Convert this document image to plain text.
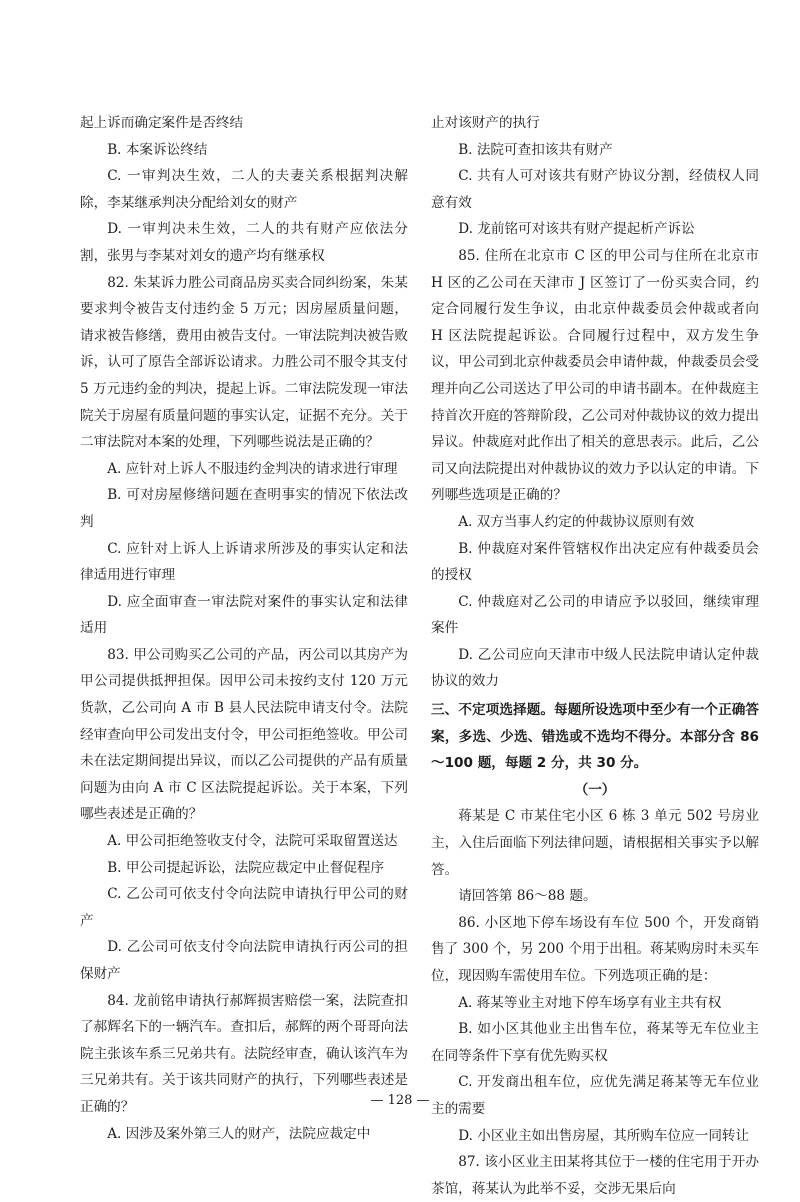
起上诉而确定案件是否终结

B. 本案诉讼终结

C. 一审判决生效，二人的夫妻关系根据判决解除，李某继承判决分配给刘女的财产

D. 一审判决未生效，二人的共有财产应依法分割，张男与李某对刘女的遗产均有继承权

82. 朱某诉力胜公司商品房买卖合同纠纷案，朱某要求判令被告支付违约金 5 万元；因房屋质量问题，请求被告修缮，费用由被告支付。一审法院判决被告败诉，认可了原告全部诉讼请求。力胜公司不服令其支付 5 万元违约金的判决，提起上诉。二审法院发现一审法院关于房屋有质量问题的事实认定，证据不充分。关于二审法院对本案的处理，下列哪些说法是正确的？

A. 应针对上诉人不服违约金判决的请求进行审理

B. 可对房屋修缮问题在查明事实的情况下依法改判

C. 应针对上诉人上诉请求所涉及的事实认定和法律适用进行审理

D. 应全面审查一审法院对案件的事实认定和法律适用

83. 甲公司购买乙公司的产品，丙公司以其房产为甲公司提供抵押担保。因甲公司未按约支付 120 万元货款，乙公司向 A 市 B 县人民法院申请支付令。法院经审查向甲公司发出支付令，甲公司拒绝签收。甲公司未在法定期间提出异议，而以乙公司提供的产品有质量问题为由向 A 市 C 区法院提起诉讼。关于本案，下列哪些表述是正确的？

A. 甲公司拒绝签收支付令，法院可采取留置送达

B. 甲公司提起诉讼，法院应裁定中止督促程序

C. 乙公司可依支付令向法院申请执行甲公司的财产

D. 乙公司可依支付令向法院申请执行丙公司的担保财产

84. 龙前铭申请执行郝辉损害赔偿一案，法院查扣了郝辉名下的一辆汽车。查扣后，郝辉的两个哥哥向法院主张该车系三兄弟共有。法院经审查，确认该汽车为三兄弟共有。关于该共同财产的执行，下列哪些表述是正确的？

A. 因涉及案外第三人的财产，法院应裁定中

止对该财产的执行

B. 法院可查扣该共有财产

C. 共有人可对该共有财产协议分割，经债权人同意有效

D. 龙前铭可对该共有财产提起析产诉讼

85. 住所在北京市 C 区的甲公司与住所在北京市 H 区的乙公司在天津市 J 区签订了一份买卖合同，约定合同履行发生争议，由北京仲裁委员会仲裁或者向 H 区法院提起诉讼。合同履行过程中，双方发生争议，甲公司到北京仲裁委员会申请仲裁，仲裁委员会受理并向乙公司送达了甲公司的申请书副本。在仲裁庭主持首次开庭的答辩阶段，乙公司对仲裁协议的效力提出异议。仲裁庭对此作出了相关的意思表示。此后，乙公司又向法院提出对仲裁协议的效力予以认定的申请。下列哪些选项是正确的？

A. 双方当事人约定的仲裁协议原则有效

B. 仲裁庭对案件管辖权作出决定应有仲裁委员会的授权

C. 仲裁庭对乙公司的申请应予以驳回，继续审理案件

D. 乙公司应向天津市中级人民法院申请认定仲裁协议的效力

三、不定项选择题。每题所设选项中至少有一个正确答案，多选、少选、错选或不选均不得分。本部分含 86～100 题，每题 2 分，共 30 分。

（一）

蒋某是 C 市某住宅小区 6 栋 3 单元 502 号房业主，入住后面临下列法律问题，请根据相关事实予以解答。

请回答第 86～88 题。

86. 小区地下停车场设有车位 500 个，开发商销售了 300 个，另 200 个用于出租。蒋某购房时未买车位，现因购车需使用车位。下列选项正确的是：

A. 蒋某等业主对地下停车场享有业主共有权

B. 如小区其他业主出售车位，蒋某等无车位业主在同等条件下享有优先购买权

C. 开发商出租车位，应优先满足蒋某等无车位业主的需要

D. 小区业主如出售房屋，其所购车位应一同转让

87. 该小区业主田某将其位于一楼的住宅用于开办茶馆，蒋某认为此举不妥，交涉无果后向

— 128 —
